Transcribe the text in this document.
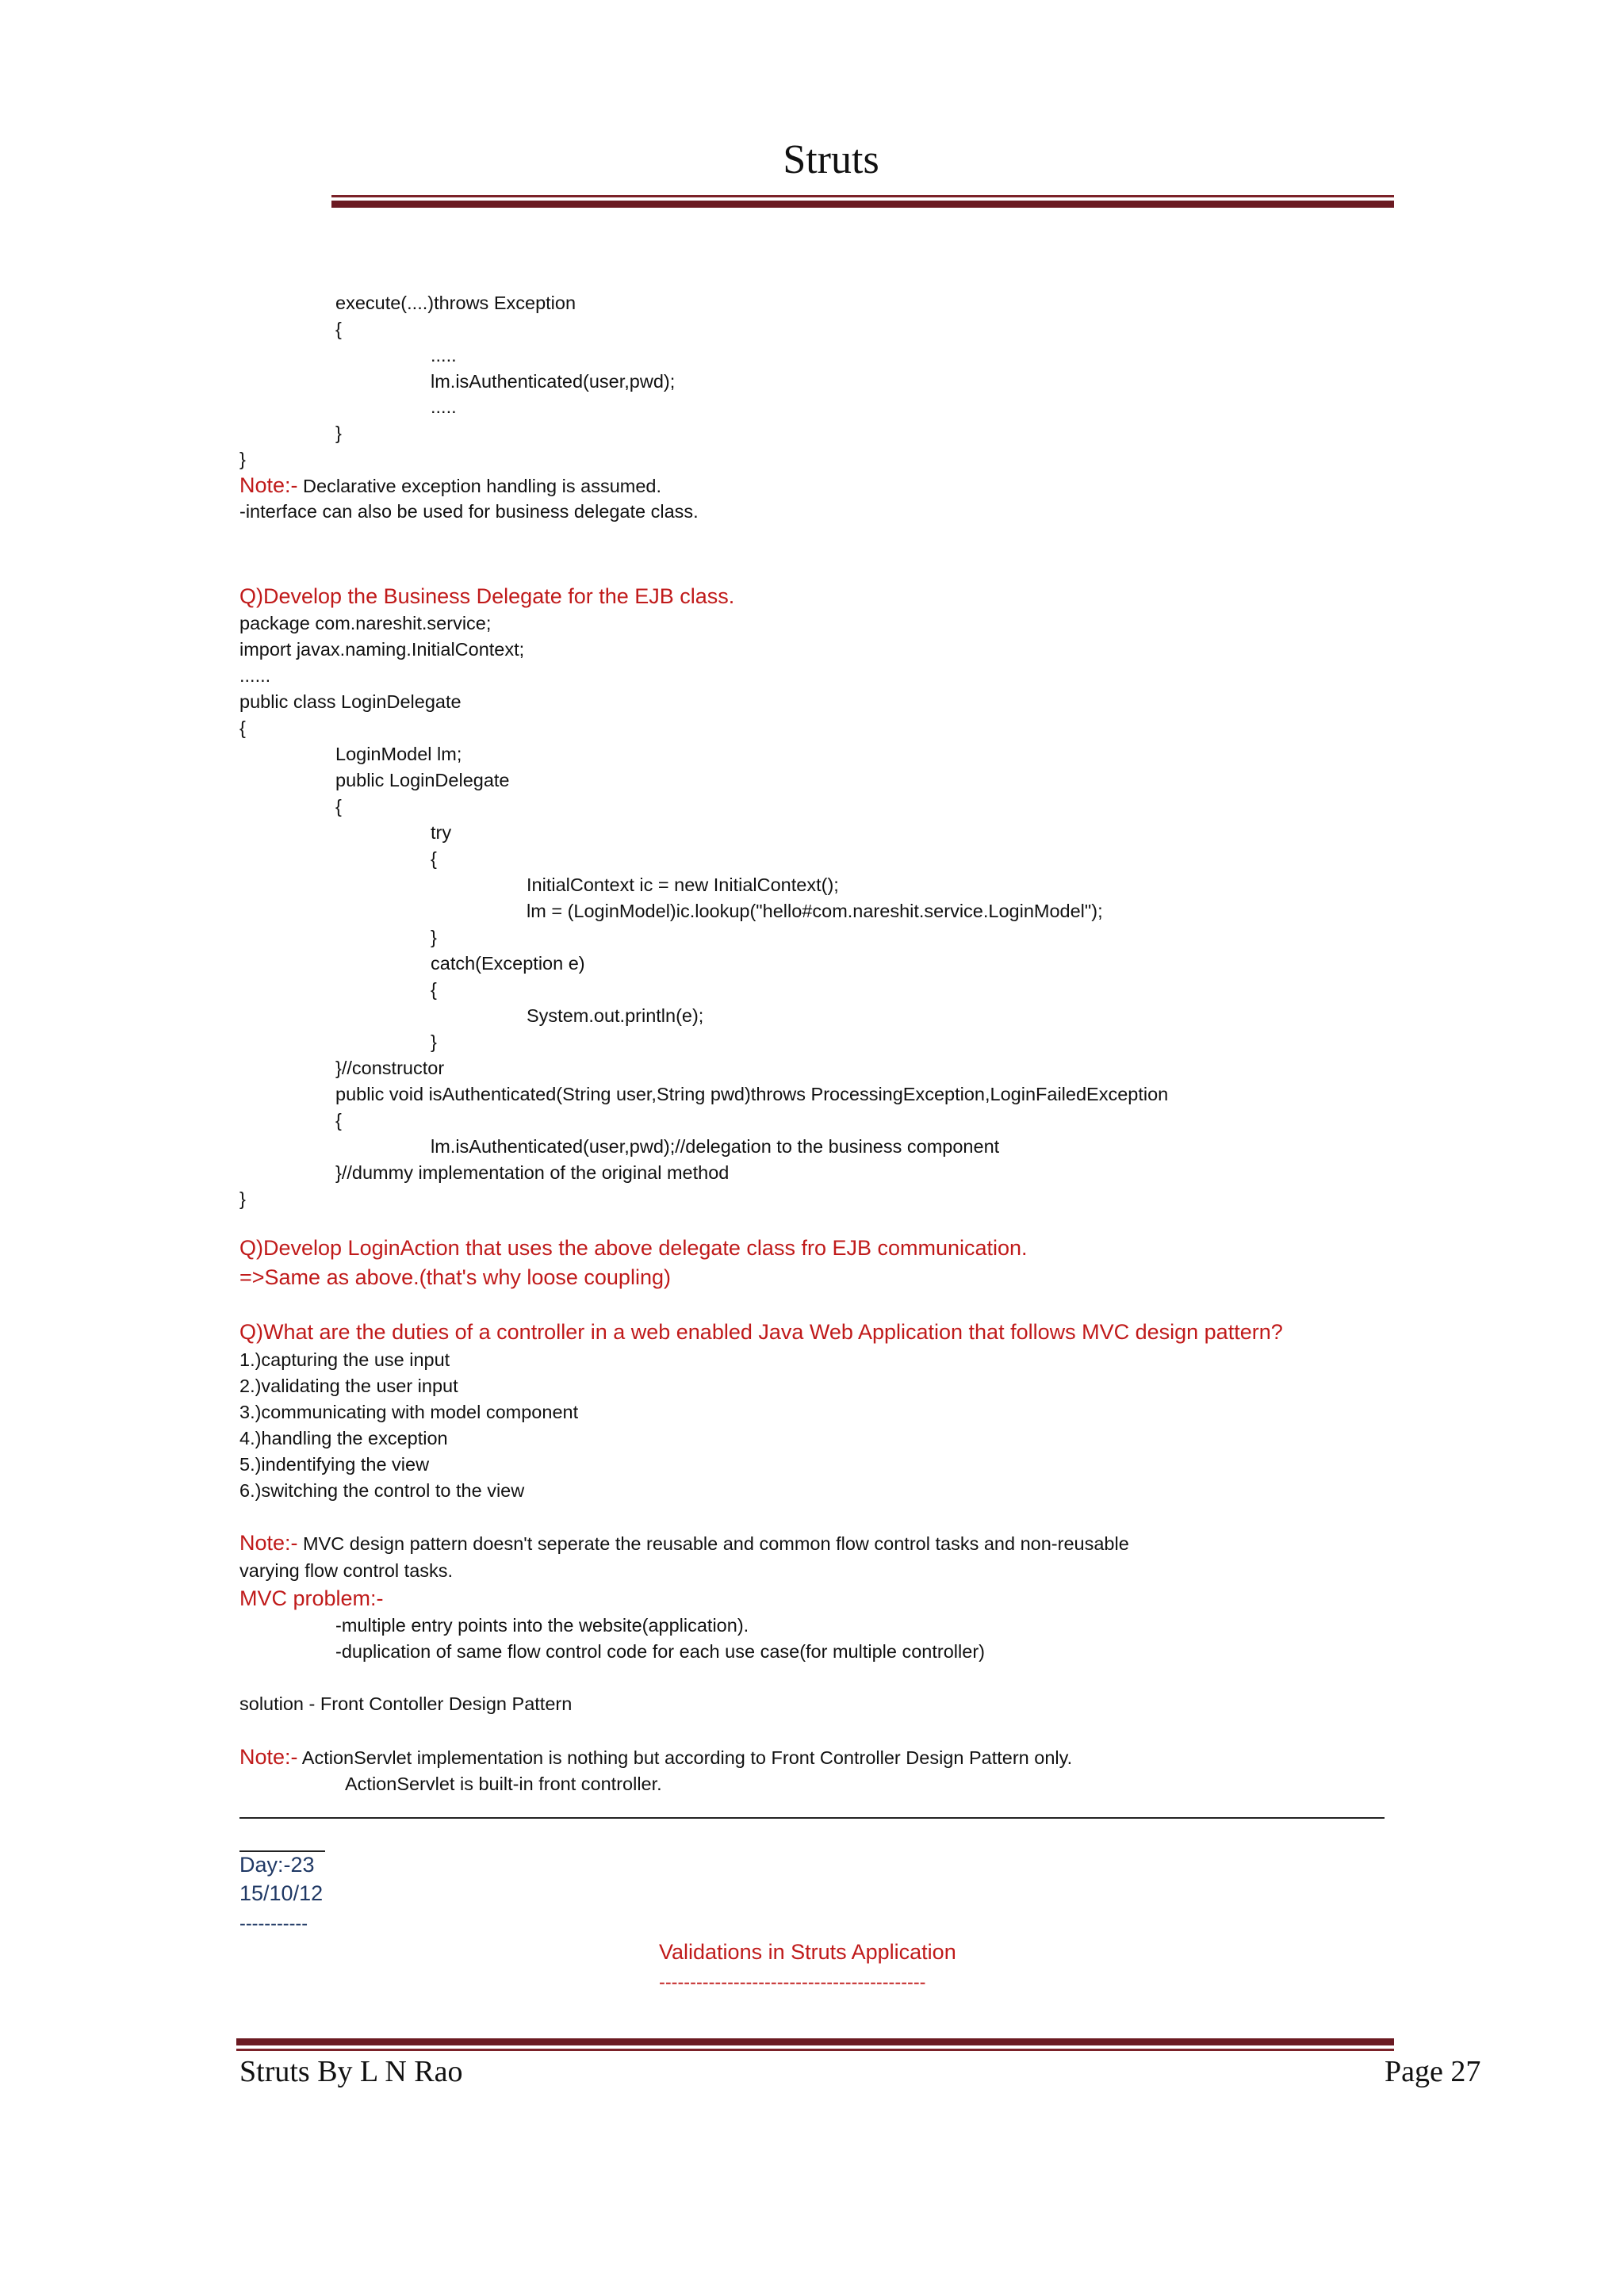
Struts
execute(....)throws Exception
{
.....
lm.isAuthenticated(user,pwd);
.....
}
}
Note:- Declarative exception handling is assumed.
-interface can also be used for business delegate class.
Q)Develop the Business Delegate for the EJB class.
package com.nareshit.service;
import javax.naming.InitialContext;
......
public class LoginDelegate
{
LoginModel lm;
public LoginDelegate
{
try
{
InitialContext ic = new InitialContext();
lm = (LoginModel)ic.lookup("hello#com.nareshit.service.LoginModel");
}
catch(Exception e)
{
System.out.println(e);
}
}//constructor
public void isAuthenticated(String user,String pwd)throws ProcessingException,LoginFailedException
{
lm.isAuthenticated(user,pwd);//delegation to the business component
}//dummy implementation of the original method
}
Q)Develop LoginAction that uses the above delegate class fro EJB communication.
=>Same as above.(that's why loose coupling)
Q)What are the duties of a controller in a web enabled Java Web Application that follows MVC design pattern?
1.)capturing the use input
2.)validating the user input
3.)communicating with model component
4.)handling the exception
5.)indentifying the view
6.)switching the control to the view
Note:- MVC design pattern doesn't seperate the reusable and common flow control tasks and non-reusable
varying flow control tasks.
MVC problem:-
-multiple entry points into the website(application).
-duplication of same flow control code for each use case(for multiple controller)
solution - Front Contoller Design Pattern
Note:- ActionServlet implementation is nothing but according to Front Controller Design Pattern only.
ActionServlet is built-in front controller.
Day:-23
15/10/12
-----------
Validations in Struts Application
-------------------------------------------
Struts By L N Rao	Page 27
